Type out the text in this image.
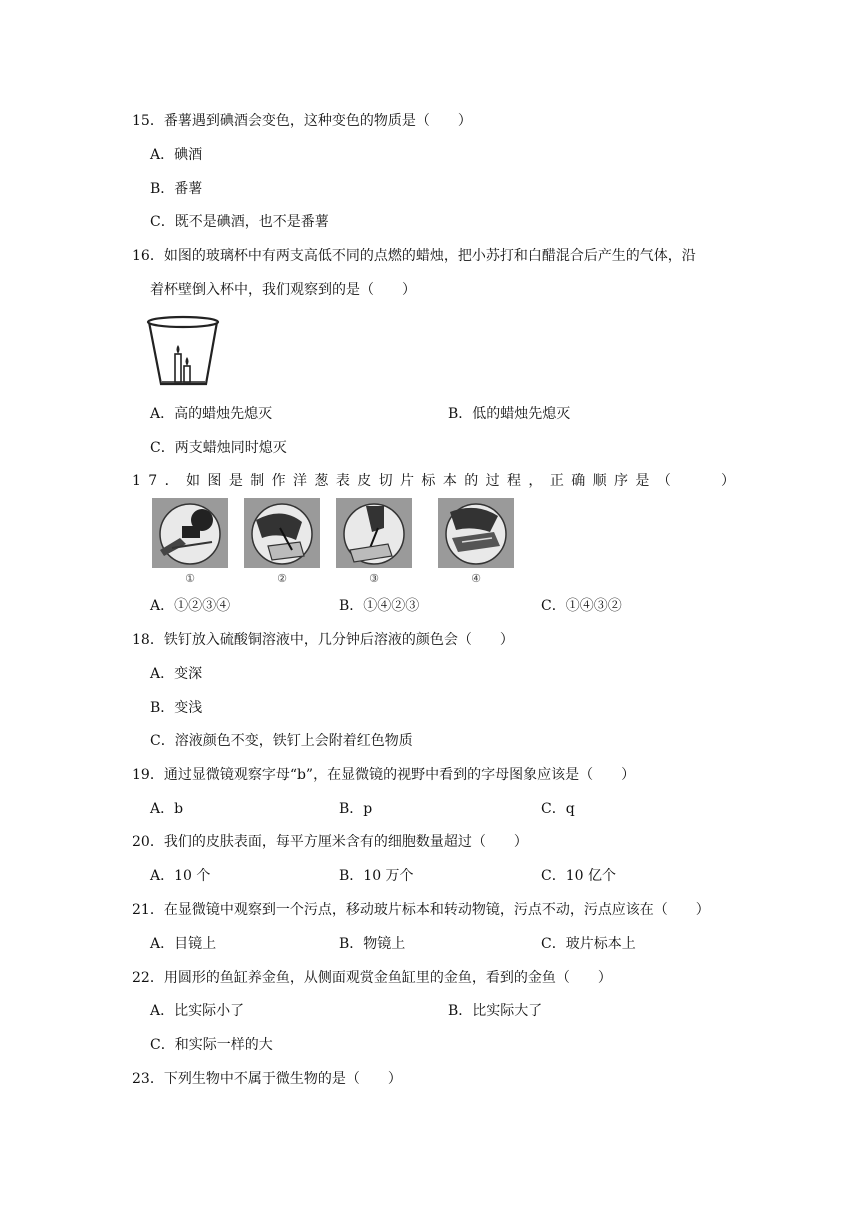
15．番薯遇到碘酒会变色，这种变色的物质是（　　）
A．碘酒
B．番薯
C．既不是碘酒，也不是番薯
16．如图的玻璃杯中有两支高低不同的点燃的蜡烛，把小苏打和白醋混合后产生的气体，沿
着杯壁倒入杯中，我们观察到的是（　　）
A．高的蜡烛先熄灭	B．低的蜡烛先熄灭
C．两支蜡烛同时熄灭
17．如图是制作洋葱表皮切片标本的过程，正确顺序是（　　）
①	②	③	④
A．①②③④	B．①④②③	C．①④③②
18．铁钉放入硫酸铜溶液中，几分钟后溶液的颜色会（　　）
A．变深
B．变浅
C．溶液颜色不变，铁钉上会附着红色物质
19．通过显微镜观察字母“b”，在显微镜的视野中看到的字母图象应该是（　　）
A．b	B．p	C．q
20．我们的皮肤表面，每平方厘米含有的细胞数量超过（　　）
A．10 个	B．10 万个	C．10 亿个
21．在显微镜中观察到一个污点，移动玻片标本和转动物镜，污点不动，污点应该在（　　）
A．目镜上	B．物镜上	C．玻片标本上
22．用圆形的鱼缸养金鱼，从侧面观赏金鱼缸里的金鱼，看到的金鱼（　　）
A．比实际小了	B．比实际大了
C．和实际一样的大
23．下列生物中不属于微生物的是（　　）
